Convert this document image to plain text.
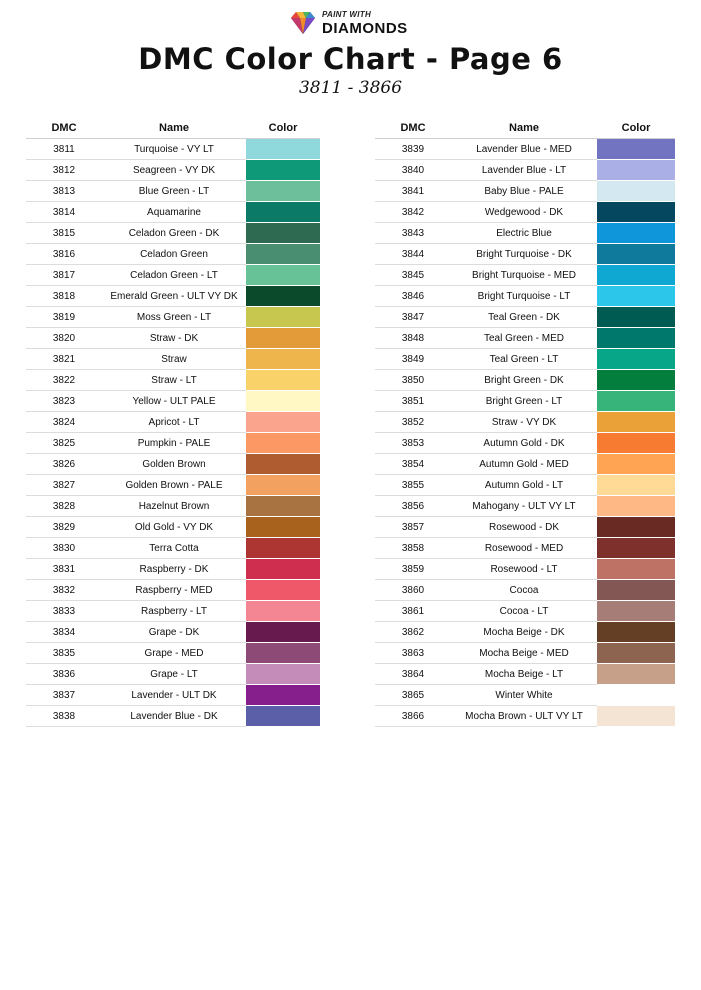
PAINT WITH
DIAMONDS
DMC Color Chart - Page 6
3811 - 3866
DMC	Name	Color
3811	Turquoise - VY LT	
3812	Seagreen - VY DK	
3813	Blue Green - LT	
3814	Aquamarine	
3815	Celadon Green - DK	
3816	Celadon Green	
3817	Celadon Green - LT	
3818	Emerald Green - ULT VY DK	
3819	Moss Green - LT	
3820	Straw - DK	
3821	Straw	
3822	Straw - LT	
3823	Yellow - ULT PALE	
3824	Apricot - LT	
3825	Pumpkin - PALE	
3826	Golden Brown	
3827	Golden Brown - PALE	
3828	Hazelnut Brown	
3829	Old Gold - VY DK	
3830	Terra Cotta	
3831	Raspberry - DK	
3832	Raspberry - MED	
3833	Raspberry - LT	
3834	Grape - DK	
3835	Grape - MED	
3836	Grape - LT	
3837	Lavender - ULT DK	
3838	Lavender Blue - DK	
DMC	Name	Color
3839	Lavender Blue - MED	
3840	Lavender Blue - LT	
3841	Baby Blue - PALE	
3842	Wedgewood - DK	
3843	Electric Blue	
3844	Bright Turquoise - DK	
3845	Bright Turquoise - MED	
3846	Bright Turquoise - LT	
3847	Teal Green - DK	
3848	Teal Green - MED	
3849	Teal Green - LT	
3850	Bright Green - DK	
3851	Bright Green - LT	
3852	Straw - VY DK	
3853	Autumn Gold - DK	
3854	Autumn Gold - MED	
3855	Autumn Gold - LT	
3856	Mahogany - ULT VY LT	
3857	Rosewood - DK	
3858	Rosewood - MED	
3859	Rosewood - LT	
3860	Cocoa	
3861	Cocoa - LT	
3862	Mocha Beige - DK	
3863	Mocha Beige - MED	
3864	Mocha Beige - LT	
3865	Winter White	
3866	Mocha Brown - ULT VY LT	
